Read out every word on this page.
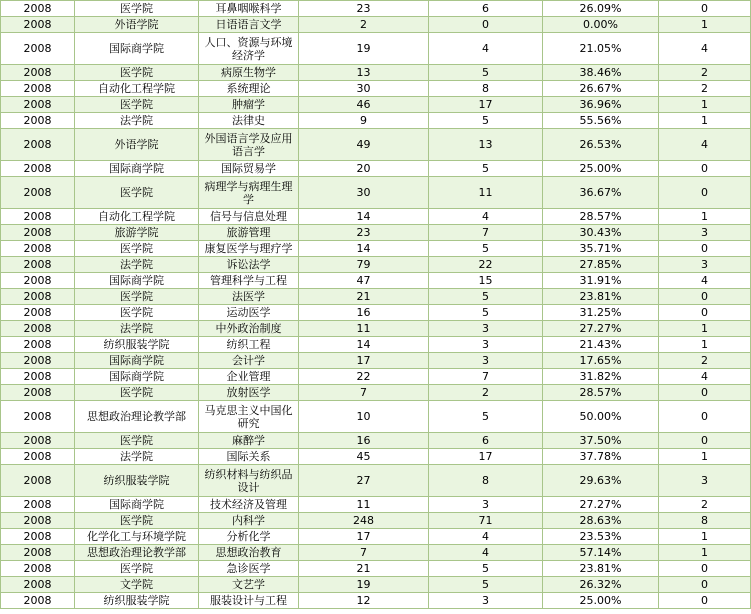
2008	医学院	耳鼻咽喉科学	23	6	26.09%	0
2008	外语学院	日语语言文学	2	0	0.00%	1
2008	国际商学院	人口、资源与环境经济学	19	4	21.05%	4
2008	医学院	病原生物学	13	5	38.46%	2
2008	自动化工程学院	系统理论	30	8	26.67%	2
2008	医学院	肿瘤学	46	17	36.96%	1
2008	法学院	法律史	9	5	55.56%	1
2008	外语学院	外国语言学及应用语言学	49	13	26.53%	4
2008	国际商学院	国际贸易学	20	5	25.00%	0
2008	医学院	病理学与病理生理学	30	11	36.67%	0
2008	自动化工程学院	信号与信息处理	14	4	28.57%	1
2008	旅游学院	旅游管理	23	7	30.43%	3
2008	医学院	康复医学与理疗学	14	5	35.71%	0
2008	法学院	诉讼法学	79	22	27.85%	3
2008	国际商学院	管理科学与工程	47	15	31.91%	4
2008	医学院	法医学	21	5	23.81%	0
2008	医学院	运动医学	16	5	31.25%	0
2008	法学院	中外政治制度	11	3	27.27%	1
2008	纺织服装学院	纺织工程	14	3	21.43%	1
2008	国际商学院	会计学	17	3	17.65%	2
2008	国际商学院	企业管理	22	7	31.82%	4
2008	医学院	放射医学	7	2	28.57%	0
2008	思想政治理论教学部	马克思主义中国化研究	10	5	50.00%	0
2008	医学院	麻醉学	16	6	37.50%	0
2008	法学院	国际关系	45	17	37.78%	1
2008	纺织服装学院	纺织材料与纺织品设计	27	8	29.63%	3
2008	国际商学院	技术经济及管理	11	3	27.27%	2
2008	医学院	内科学	248	71	28.63%	8
2008	化学化工与环境学院	分析化学	17	4	23.53%	1
2008	思想政治理论教学部	思想政治教育	7	4	57.14%	1
2008	医学院	急诊医学	21	5	23.81%	0
2008	文学院	文艺学	19	5	26.32%	0
2008	纺织服装学院	服装设计与工程	12	3	25.00%	0
